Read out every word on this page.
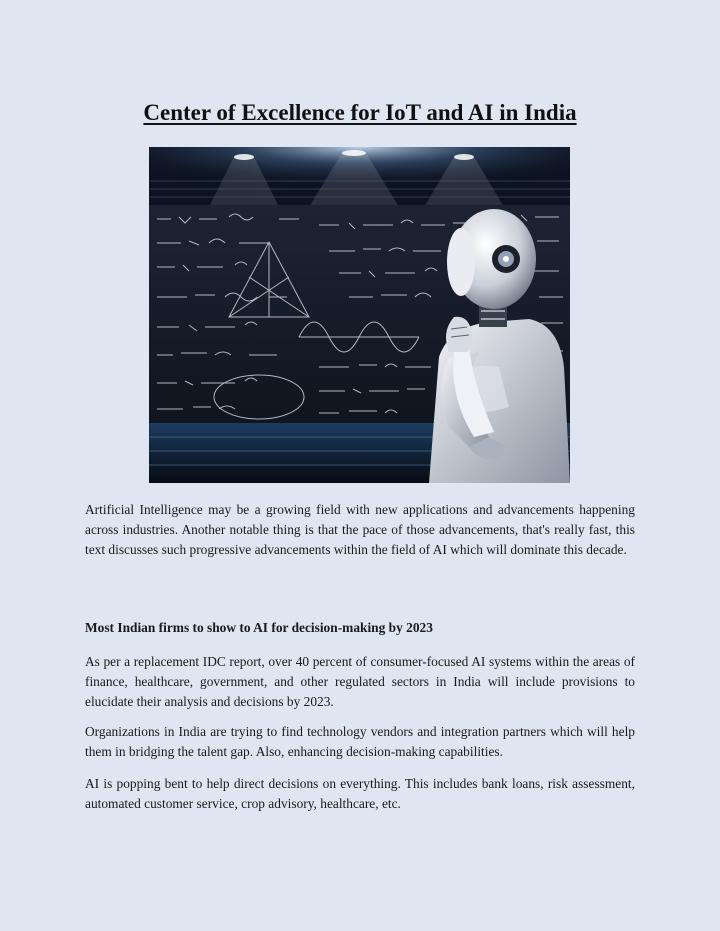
Center of Excellence for IoT and AI in India

Artificial Intelligence may be a growing field with new applications and advancements happening across industries. Another notable thing is that the pace of those advancements, that's really fast, this text discusses such progressive advancements within the field of AI which will dominate this decade.

Most Indian firms to show to AI for decision-making by 2023

As per a replacement IDC report, over 40 percent of consumer-focused AI systems within the areas of finance, healthcare, government, and other regulated sectors in India will include provisions to elucidate their analysis and decisions by 2023.

Organizations in India are trying to find technology vendors and integration partners which will help them in bridging the talent gap. Also, enhancing decision-making capabilities.

AI is popping bent to help direct decisions on everything. This includes bank loans, risk assessment, automated customer service, crop advisory, healthcare, etc.
